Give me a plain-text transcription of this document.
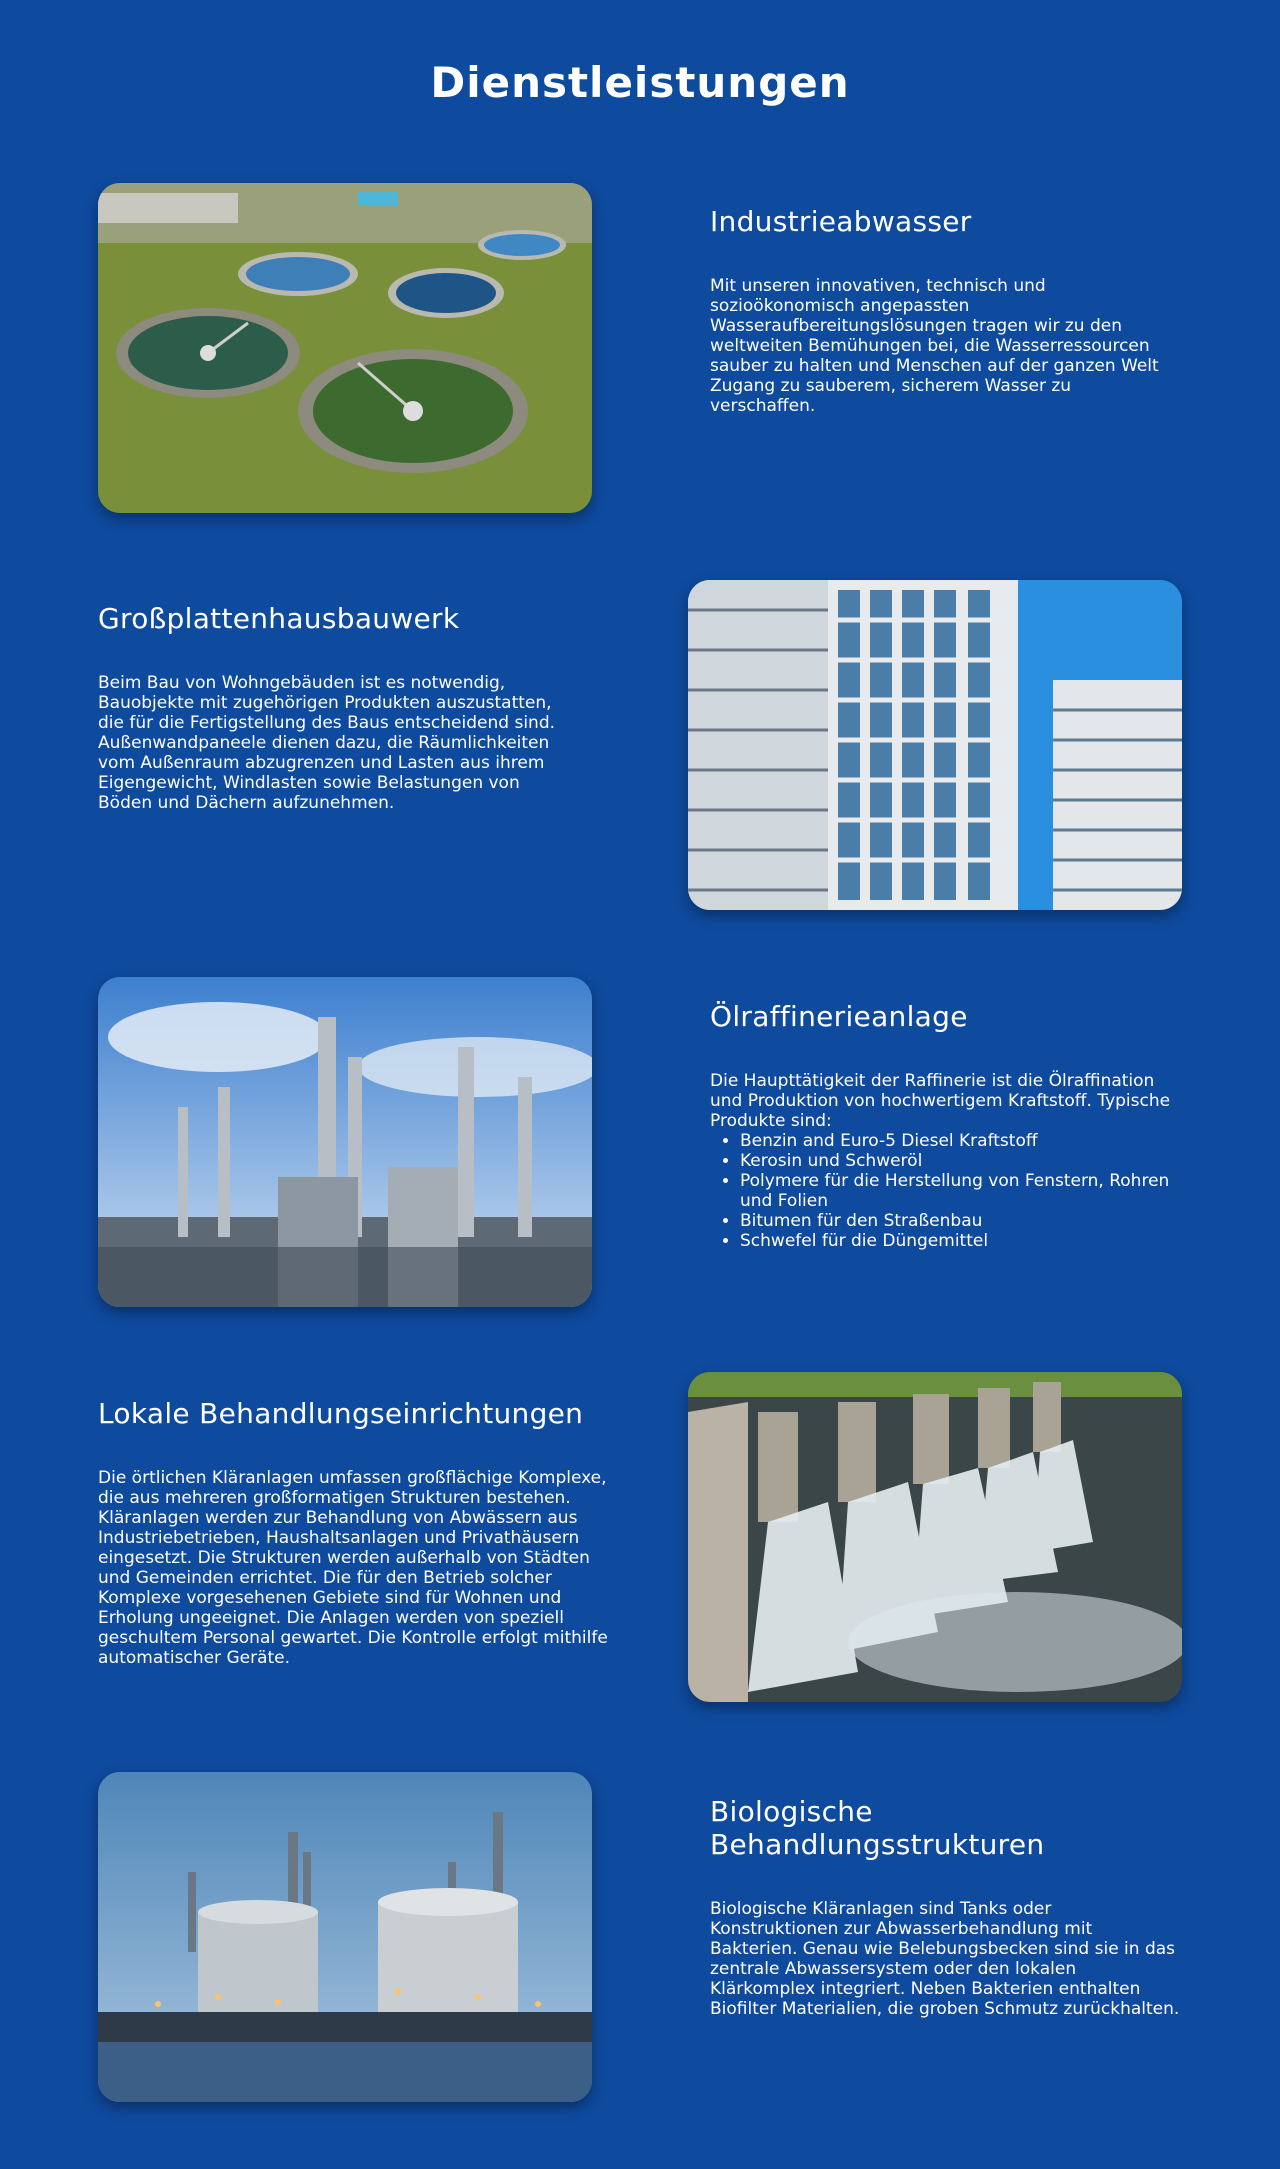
Dienstleistungen
Industrieabwasser

Mit unseren innovativen, technisch und sozioökonomisch angepassten Wasseraufbereitungslösungen tragen wir zu den weltweiten Bemühungen bei, die Wasserressourcen sauber zu halten und Menschen auf der ganzen Welt Zugang zu sauberem, sicherem Wasser zu verschaffen.

Großplattenhausbauwerk

Beim Bau von Wohngebäuden ist es notwendig, Bauobjekte mit zugehörigen Produkten auszustatten, die für die Fertigstellung des Baus entscheidend sind. Außenwandpaneele dienen dazu, die Räumlichkeiten vom Außenraum abzugrenzen und Lasten aus ihrem Eigengewicht, Windlasten sowie Belastungen von Böden und Dächern aufzunehmen.

Ölraffinerieanlage

Die Haupttätigkeit der Raffinerie ist die Ölraffination und Produktion von hochwertigem Kraftstoff. Typische Produkte sind:

• Benzin and Euro-5 Diesel Kraftstoff
• Kerosin und Schweröl
• Polymere für die Herstellung von Fenstern, Rohren und Folien
• Bitumen für den Straßenbau
• Schwefel für die Düngemittel
Lokale Behandlungseinrichtungen

Die örtlichen Kläranlagen umfassen großflächige Komplexe, die aus mehreren großformatigen Strukturen bestehen. Kläranlagen werden zur Behandlung von Abwässern aus Industriebetrieben, Haushaltsanlagen und Privathäusern eingesetzt. Die Strukturen werden außerhalb von Städten und Gemeinden errichtet. Die für den Betrieb solcher Komplexe vorgesehenen Gebiete sind für Wohnen und Erholung ungeeignet. Die Anlagen werden von speziell geschultem Personal gewartet. Die Kontrolle erfolgt mithilfe automatischer Geräte.

Biologische Behandlungsstrukturen

Biologische Kläranlagen sind Tanks oder Konstruktionen zur Abwasserbehandlung mit Bakterien. Genau wie Belebungsbecken sind sie in das zentrale Abwassersystem oder den lokalen Klärkomplex integriert. Neben Bakterien enthalten Biofilter Materialien, die groben Schmutz zurückhalten.
